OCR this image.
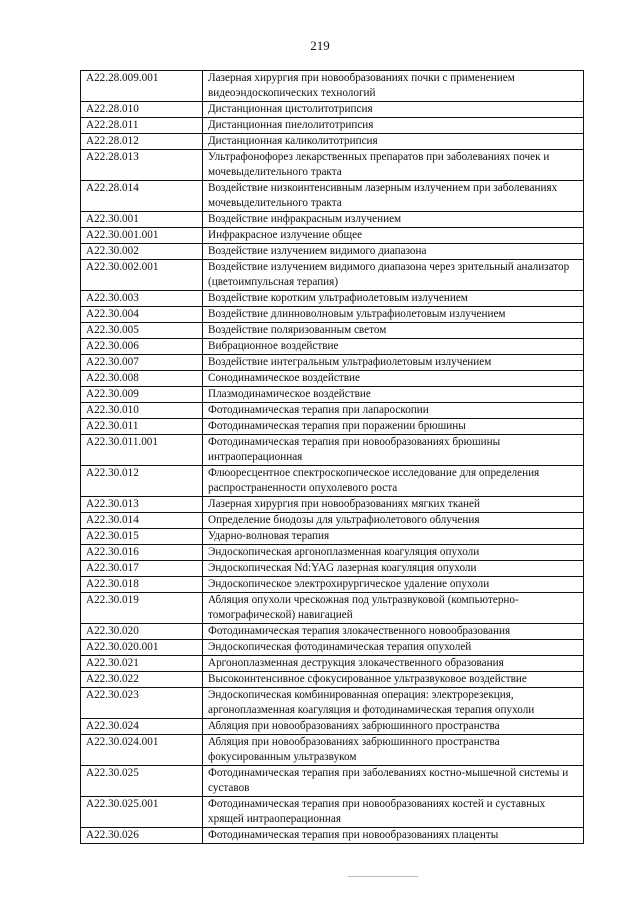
219
A22.28.009.001	Лазерная хирургия при новообразованиях почки с применением видеоэндоскопических технологий
A22.28.010	Дистанционная цистолитотрипсия
A22.28.011	Дистанционная пиелолитотрипсия
A22.28.012	Дистанционная каликолитотрипсия
A22.28.013	Ультрафонофорез лекарственных препаратов при заболеваниях почек и мочевыделительного тракта
A22.28.014	Воздействие низкоинтенсивным лазерным излучением при заболеваниях мочевыделительного тракта
A22.30.001	Воздействие инфракрасным излучением
A22.30.001.001	Инфракрасное излучение общее
A22.30.002	Воздействие излучением видимого диапазона
A22.30.002.001	Воздействие излучением видимого диапазона через зрительный анализатор (цветоимпульсная терапия)
A22.30.003	Воздействие коротким ультрафиолетовым излучением
A22.30.004	Воздействие длинноволновым ультрафиолетовым излучением
A22.30.005	Воздействие поляризованным светом
A22.30.006	Вибрационное воздействие
A22.30.007	Воздействие интегральным ультрафиолетовым излучением
A22.30.008	Сонодинамическое воздействие
A22.30.009	Плазмодинамическое воздействие
A22.30.010	Фотодинамическая терапия при лапароскопии
A22.30.011	Фотодинамическая терапия при поражении брюшины
A22.30.011.001	Фотодинамическая терапия при новообразованиях брюшины интраоперационная
A22.30.012	Флюоресцентное спектроскопическое исследование для определения распространенности опухолевого роста
A22.30.013	Лазерная хирургия при новообразованиях мягких тканей
A22.30.014	Определение биодозы для ультрафиолетового облучения
A22.30.015	Ударно-волновая терапия
A22.30.016	Эндоскопическая аргоноплазменная коагуляция опухоли
A22.30.017	Эндоскопическая Nd:YAG лазерная коагуляция опухоли
A22.30.018	Эндоскопическое электрохирургическое удаление опухоли
A22.30.019	Абляция опухоли чрескожная под ультразвуковой (компьютерно-томографической) навигацией
A22.30.020	Фотодинамическая терапия злокачественного новообразования
A22.30.020.001	Эндоскопическая фотодинамическая терапия опухолей
A22.30.021	Аргоноплазменная деструкция злокачественного образования
A22.30.022	Высокоинтенсивное сфокусированное ультразвуковое воздействие
A22.30.023	Эндоскопическая комбинированная операция: электрорезекция, аргоноплазменная коагуляция и фотодинамическая терапия опухоли
A22.30.024	Абляция при новообразованиях забрюшинного пространства
A22.30.024.001	Абляция при новообразованиях забрюшинного пространства фокусированным ультразвуком
A22.30.025	Фотодинамическая терапия при заболеваниях костно-мышечной системы и суставов
A22.30.025.001	Фотодинамическая терапия при новообразованиях костей и суставных хрящей интраоперационная
A22.30.026	Фотодинамическая терапия при новообразованиях плаценты
